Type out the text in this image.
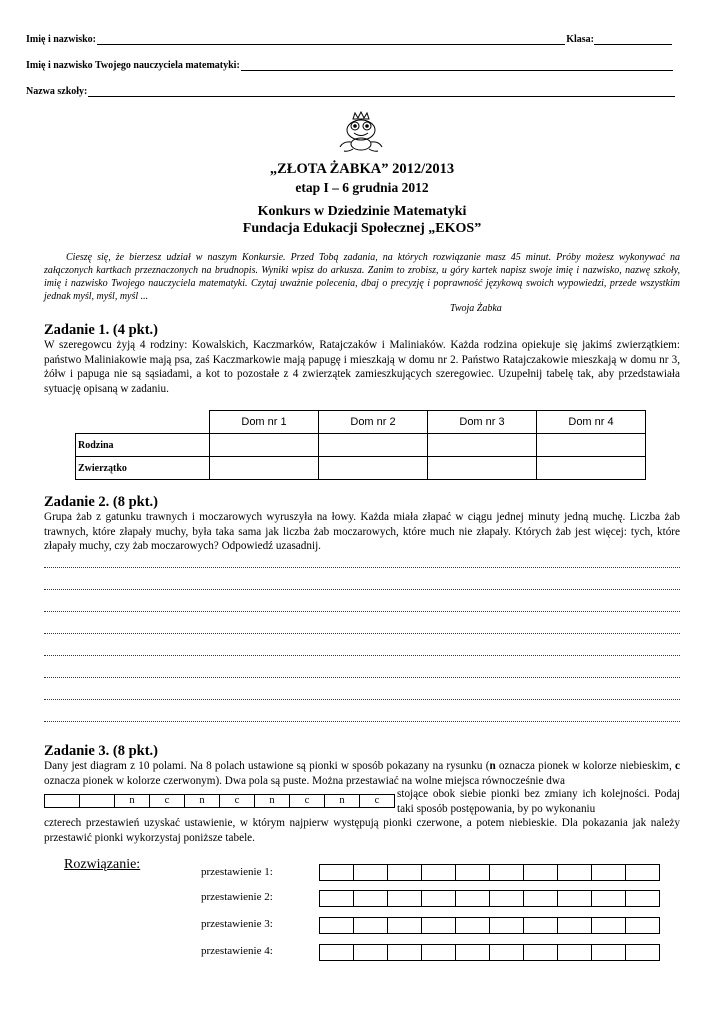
Imię i nazwisko:	Klasa:
Imię i nazwisko Twojego nauczyciela matematyki:
Nazwa szkoły:
„ZŁOTA ŻABKA” 2012/2013
etap I – 6 grudnia 2012
Konkurs w Dziedzinie Matematyki
Fundacja Edukacji Społecznej „EKOS”
Cieszę się, że bierzesz udział w naszym Konkursie. Przed Tobą zadania, na których rozwiązanie masz 45 minut. Próby możesz wykonywać na załączonych kartkach przeznaczonych na brudnopis. Wyniki wpisz do arkusza. Zanim to zrobisz, u góry kartek napisz swoje imię i nazwisko, nazwę szkoły, imię i nazwisko Twojego nauczyciela matematyki. Czytaj uważnie polecenia, dbaj o precyzję i poprawność językową swoich wypowiedzi, przede wszystkim jednak myśl, myśl, myśl ...
Twoja Żabka
Zadanie 1. (4 pkt.)
W szeregowcu żyją 4 rodziny: Kowalskich, Kaczmarków, Ratajczaków i Maliniaków. Każda rodzina opiekuje się jakimś zwierzątkiem: państwo Maliniakowie mają psa, zaś Kaczmarkowie mają papugę i mieszkają w domu nr 2. Państwo Ratajczakowie mieszkają w domu nr 3, żółw i papuga nie są sąsiadami, a kot to pozostałe z 4 zwierzątek zamieszkujących szeregowiec. Uzupełnij tabelę tak, aby przedstawiała sytuację opisaną w zadaniu.
	Dom nr 1	Dom nr 2	Dom nr 3	Dom nr 4
Rodzina				
Zwierzątko				
Zadanie 2. (8 pkt.)
Grupa żab z gatunku trawnych i moczarowych wyruszyła na łowy. Każda miała złapać w ciągu jednej minuty jedną muchę. Liczba żab trawnych, które złapały muchy, była taka sama jak liczba żab moczarowych, które much nie złapały. Których żab jest więcej: tych, które złapały muchy, czy żab moczarowych? Odpowiedź uzasadnij.
Zadanie 3. (8 pkt.)
Dany jest diagram z 10 polami. Na 8 polach ustawione są pionki w sposób pokazany na rysunku (n oznacza pionek w kolorze niebieskim, c oznacza pionek w kolorze czerwonym). Dwa pola są puste. Można przestawiać na wolne miejsca równocześnie dwa
		n	c	n	c	n	c	n	c
stojące obok siebie pionki bez zmiany ich kolejności. Podaj taki sposób postępowania, by po wykonaniu
czterech przestawień uzyskać ustawienie, w którym najpierw występują pionki czerwone, a potem niebieskie. Dla pokazania jak należy przestawić pionki wykorzystaj poniższe tabele.
Rozwiązanie:	przestawienie 1:

przestawienie 2:

przestawienie 3:

przestawienie 4:
